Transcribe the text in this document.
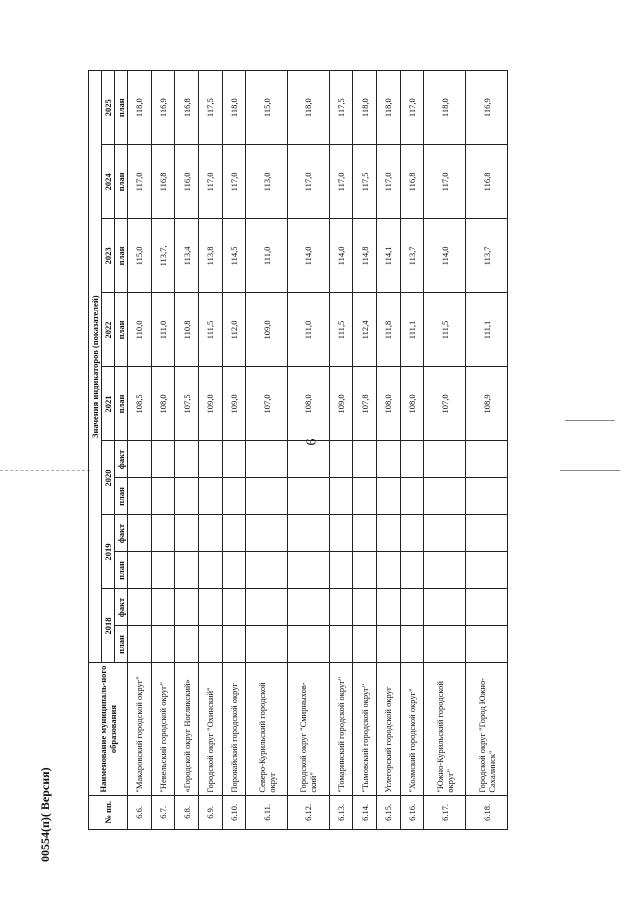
9
№ пп.	Наименование муниципаль-ного образования	Значения индикаторов (показателей)										
		2018		2019		2020		2021	2022	2023	2024	2025
		план	факт	план	факт	план	факт	план	план	план	план	план
6.6.	"Макаровский городской округ"							108,5	110,0	115,0	117,0	118,0
6.7.	"Невельский городской округ"							108,0	111,0	113,7,	116,8	116,9
6.8.	«Городской округ Ногликский»							107,5	110,8	113,4	116,0	116,8
6.9.	Городской округ "Охинский"							109,0	111,5	113,8	117,0	117,5
6.10.	Поронайский городской округ							109,0	112,0	114,5	117,0	118,0
6.11.	Северо-Курильский городской округ							107,0	109,0	111,0	113,0	115,0
6.12.	Городской округ "Смирныхов-ский"							108,0	111,0	114,0	117,0	118,0
6.13.	"Томаринский городской округ"							109,0	111,5	114,0	117,0	117,5
6.14.	"Тымовский городской округ"							107,8	112,4	114,8	117,5	118,0
6.15.	Углегорский городской округ							108,0	111,8	114,1	117,0	118,0
6.16.	"Холмский городской округ"							108,0	111,1	113,7	116,8	117,0
6.17.	"Южно-Курильский городской округ"							107,0	111,5	114,0	117,0	118,0
6.18.	Городской округ "Город Южно-Сахалинск"							108,9	111,1	113,7	116,8	116,9
00554(п)( Версия)
